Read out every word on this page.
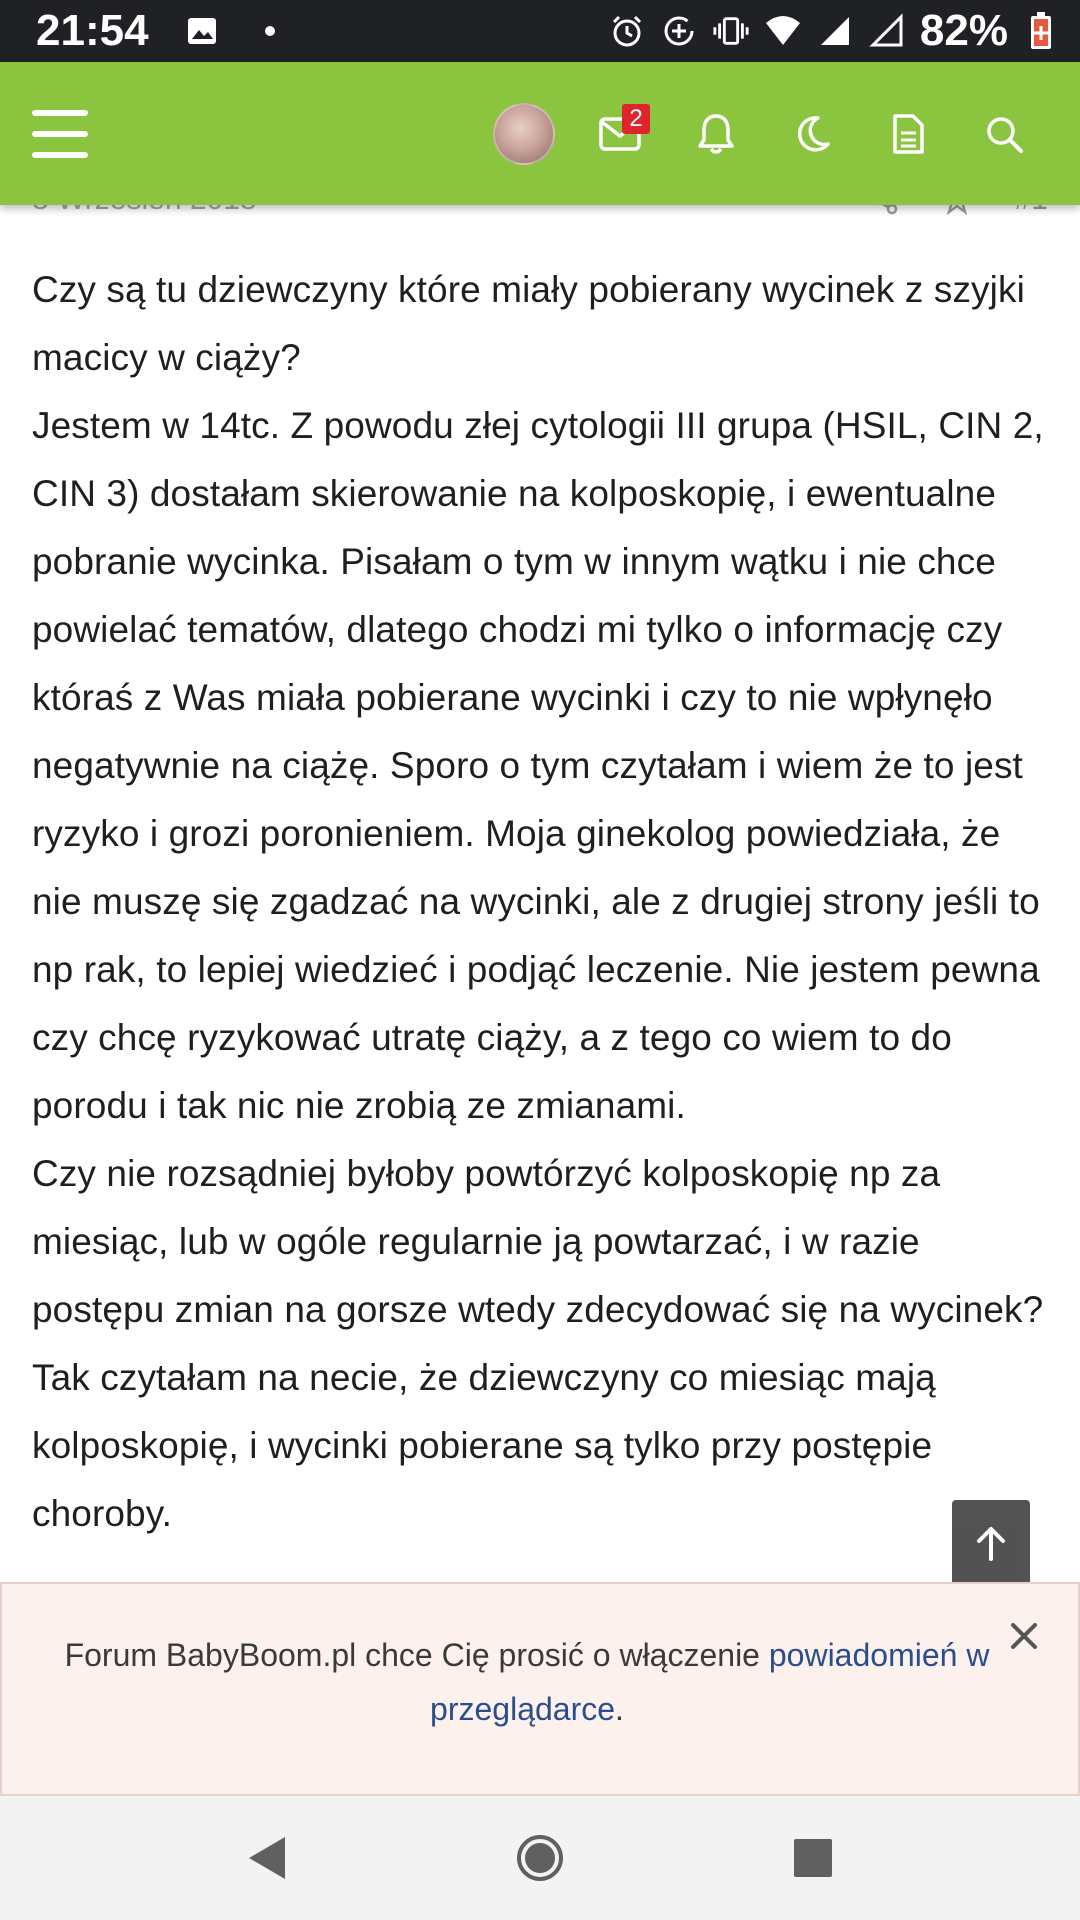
21:54	82%
2

Czy są tu dziewczyny które miały pobierany wycinek z szyjki macicy w ciąży?

Jestem w 14tc. Z powodu złej cytologii III grupa (HSIL, CIN 2, CIN 3) dostałam skierowanie na kolposkopię, i ewentualne pobranie wycinka. Pisałam o tym w innym wątku i nie chce powielać tematów, dlatego chodzi mi tylko o informację czy któraś z Was miała pobierane wycinki i czy to nie wpłynęło negatywnie na ciążę. Sporo o tym czytałam i wiem że to jest ryzyko i grozi poronieniem. Moja ginekolog powiedziała, że nie muszę się zgadzać na wycinki, ale z drugiej strony jeśli to np rak, to lepiej wiedzieć i podjąć leczenie. Nie jestem pewna czy chcę ryzykować utratę ciąży, a z tego co wiem to do porodu i tak nic nie zrobią ze zmianami.

Czy nie rozsądniej byłoby powtórzyć kolposkopię np za miesiąc, lub w ogóle regularnie ją powtarzać, i w razie postępu zmian na gorsze wtedy zdecydować się na wycinek? Tak czytałam na necie, że dziewczyny co miesiąc mają kolposkopię, i wycinki pobierane są tylko przy postępie choroby.

Forum BabyBoom.pl chce Cię prosić o włączenie powiadomień w przeglądarce.
